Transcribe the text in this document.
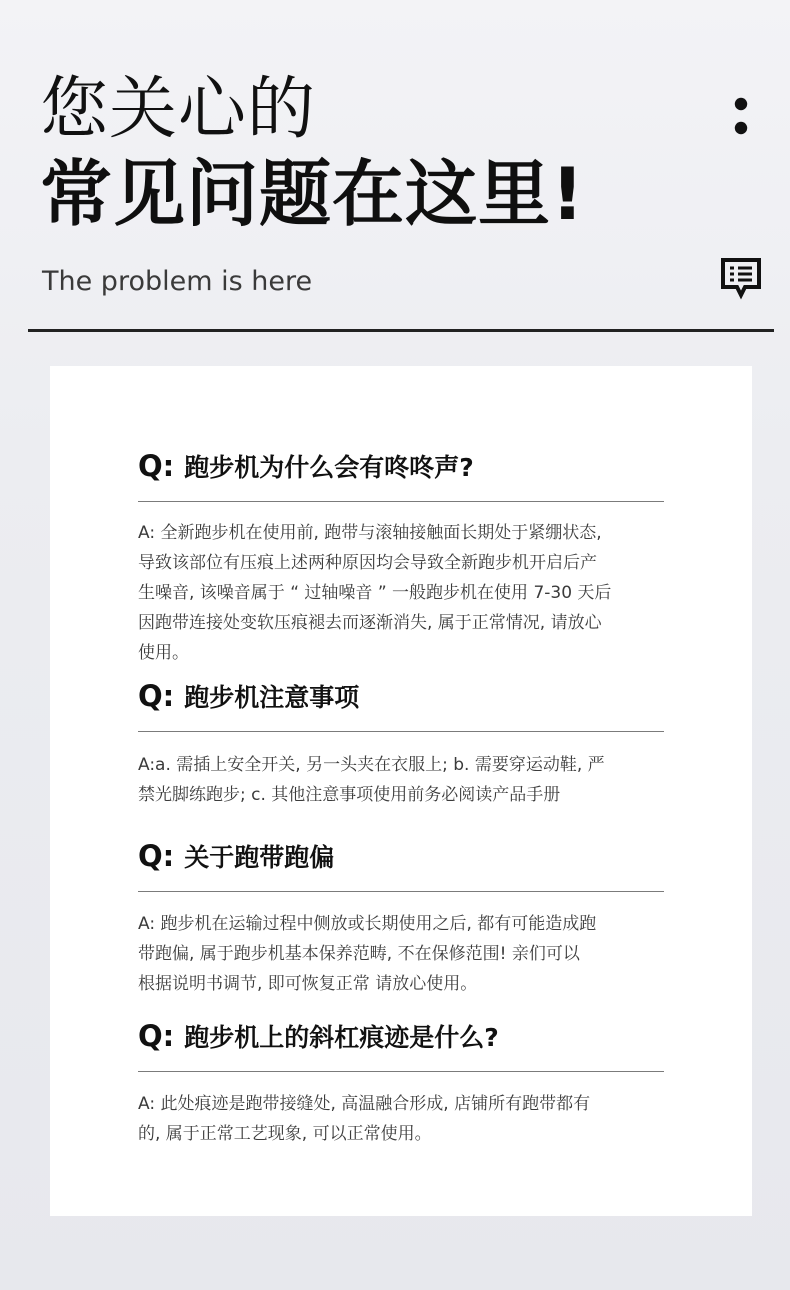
您关心的
常见问题在这里!
The problem is here
Q: 跑步机为什么会有咚咚声?
A: 全新跑步机在使用前, 跑带与滚轴接触面长期处于紧绷状态,
导致该部位有压痕上述两种原因均会导致全新跑步机开启后产
生噪音, 该噪音属于 “ 过轴噪音 ” 一般跑步机在使用 7-30 天后
因跑带连接处变软压痕褪去而逐渐消失, 属于正常情况, 请放心
使用。
Q: 跑步机注意事项
A:a. 需插上安全开关, 另一头夹在衣服上; b. 需要穿运动鞋, 严
禁光脚练跑步; c. 其他注意事项使用前务必阅读产品手册
Q: 关于跑带跑偏
A: 跑步机在运输过程中侧放或长期使用之后, 都有可能造成跑
带跑偏, 属于跑步机基本保养范畴, 不在保修范围! 亲们可以
根据说明书调节, 即可恢复正常 请放心使用。
Q: 跑步机上的斜杠痕迹是什么?
A: 此处痕迹是跑带接缝处, 高温融合形成, 店铺所有跑带都有
的, 属于正常工艺现象, 可以正常使用。
